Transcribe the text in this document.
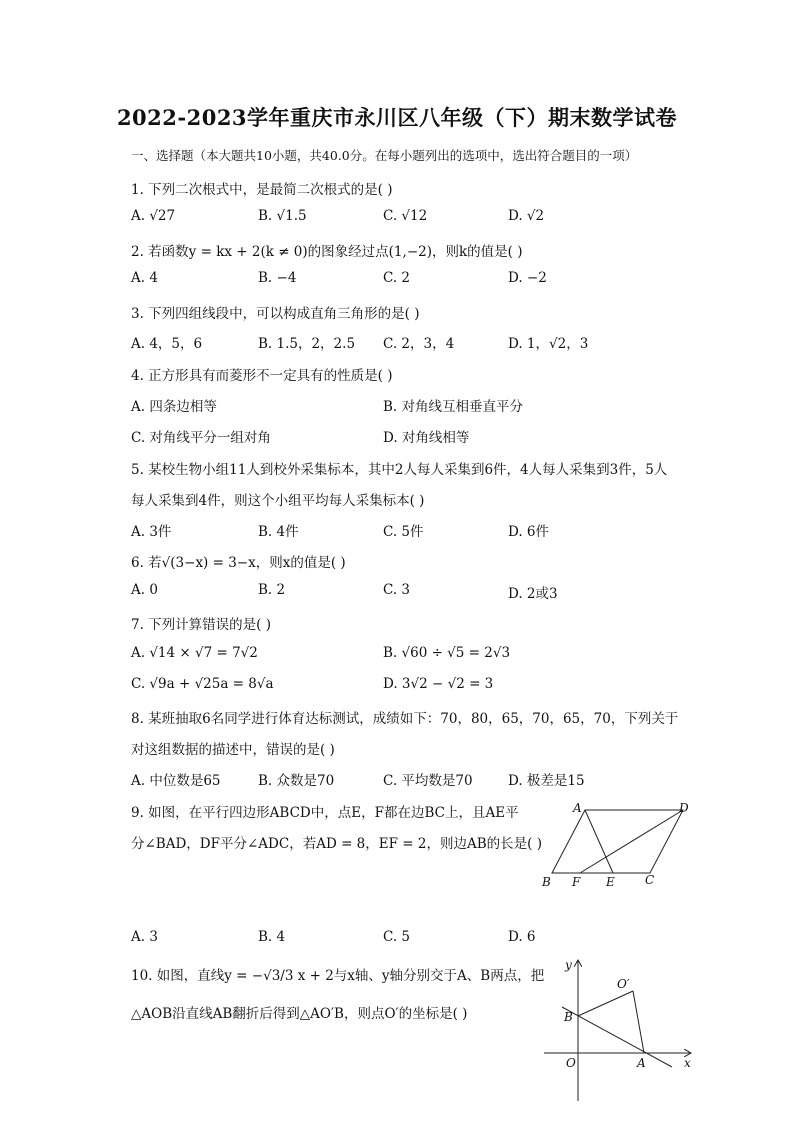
2022-2023学年重庆市永川区八年级（下）期末数学试卷
一、选择题（本大题共10小题，共40.0分。在每小题列出的选项中，选出符合题目的一项）
1. 下列二次根式中，是最简二次根式的是( )
A. √27	B. √1.5	C. √12	D. √2
2. 若函数y = kx + 2(k ≠ 0)的图象经过点(1,−2)，则k的值是( )
A. 4	B. −4	C. 2	D. −2
3. 下列四组线段中，可以构成直角三角形的是( )
A. 4，5，6	B. 1.5，2，2.5 C. 2，3，4	D. 1，√2，3
4. 正方形具有而菱形不一定具有的性质是( )
A. 四条边相等	B. 对角线互相垂直平分
C. 对角线平分一组对角	D. 对角线相等
5. 某校生物小组11人到校外采集标本，其中2人每人采集到6件，4人每人采集到3件，5人
每人采集到4件，则这个小组平均每人采集标本( )
A. 3件	B. 4件	C. 5件	D. 6件
6. 若√(3−x) = 3−x，则x的值是( )
A. 0	B. 2	C. 3	D. 2或3
7. 下列计算错误的是( )
A. √14 × √7 = 7√2	B. √60 ÷ √5 = 2√3
C. √9a + √25a = 8√a	D. 3√2 − √2 = 3
8. 某班抽取6名同学进行体育达标测试，成绩如下：70，80，65，70，65，70，下列关于
对这组数据的描述中，错误的是( )
A. 中位数是65	B. 众数是70	C. 平均数是70	D. 极差是15
9. 如图，在平行四边形ABCD中，点E，F都在边BC上，且AE平
分∠BAD，DF平分∠ADC，若AD = 8，EF = 2，则边AB的长是( )
A	D
B F E	C
A. 3	B. 4	C. 5	D. 6
10. 如图，直线y = −√3/3 x + 2与x轴、y轴分别交于A、B两点，把
△AOB沿直线AB翻折后得到△AO′B，则点O′的坐标是( )
y
O′
B
O	A	x
